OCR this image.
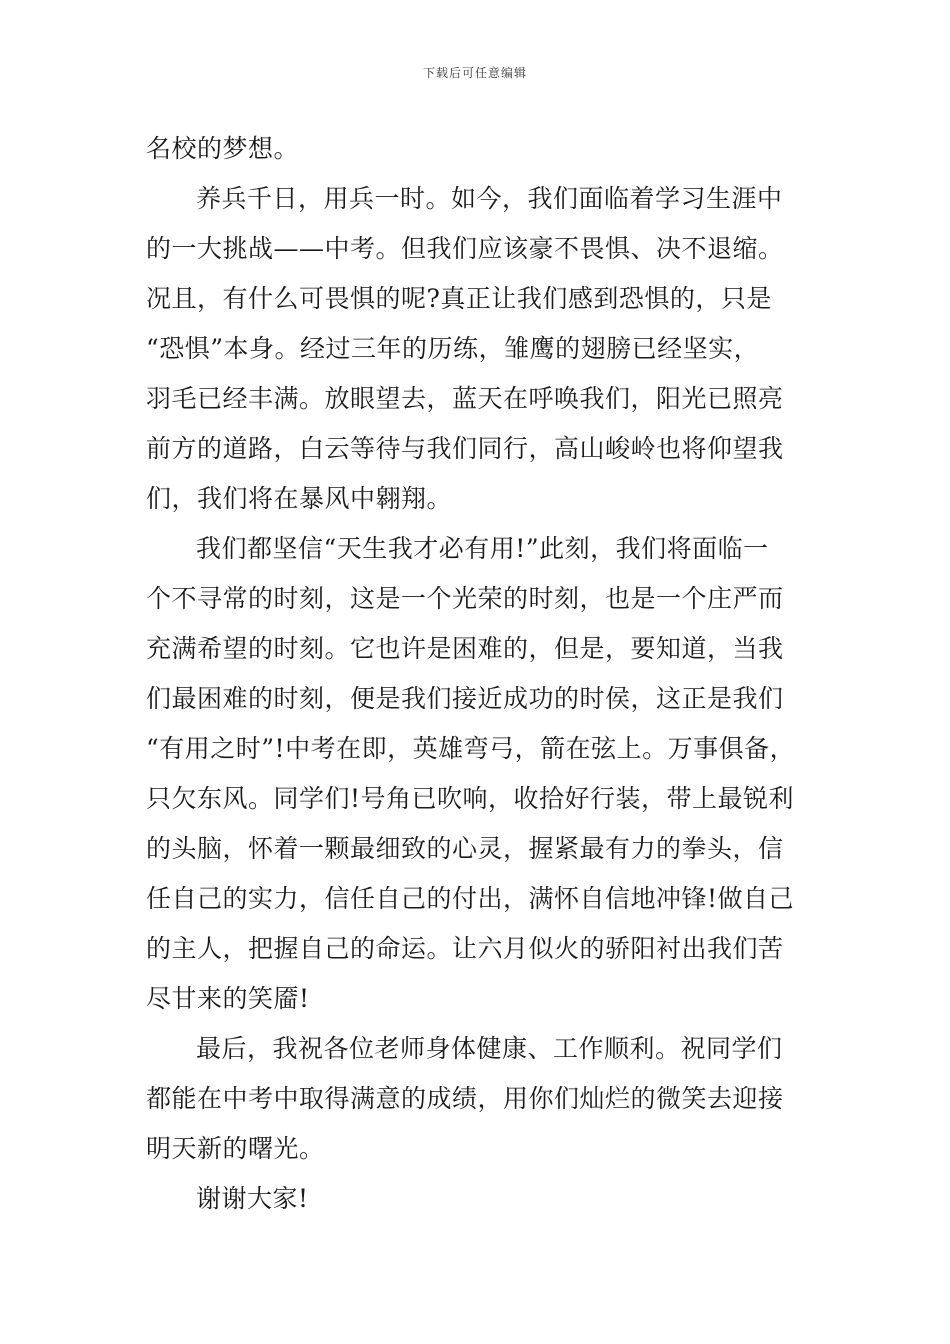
下载后可任意编辑
名校的梦想。
养兵千日，用兵一时。如今，我们面临着学习生涯中
的一大挑战——中考。但我们应该豪不畏惧、决不退缩。
况且，有什么可畏惧的呢?真正让我们感到恐惧的，只是
“恐惧”本身。经过三年的历练，雏鹰的翅膀已经坚实，
羽毛已经丰满。放眼望去，蓝天在呼唤我们，阳光已照亮
前方的道路，白云等待与我们同行，高山峻岭也将仰望我
们，我们将在暴风中翱翔。
我们都坚信“天生我才必有用!”此刻，我们将面临一
个不寻常的时刻，这是一个光荣的时刻，也是一个庄严而
充满希望的时刻。它也许是困难的，但是，要知道，当我
们最困难的时刻，便是我们接近成功的时侯，这正是我们
“有用之时”!中考在即，英雄弯弓，箭在弦上。万事俱备，
只欠东风。同学们!号角已吹响，收拾好行装，带上最锐利
的头脑，怀着一颗最细致的心灵，握紧最有力的拳头，信
任自己的实力，信任自己的付出，满怀自信地冲锋!做自己
的主人，把握自己的命运。让六月似火的骄阳衬出我们苦
尽甘来的笑靥!
最后，我祝各位老师身体健康、工作顺利。祝同学们
都能在中考中取得满意的成绩，用你们灿烂的微笑去迎接
明天新的曙光。
谢谢大家!
